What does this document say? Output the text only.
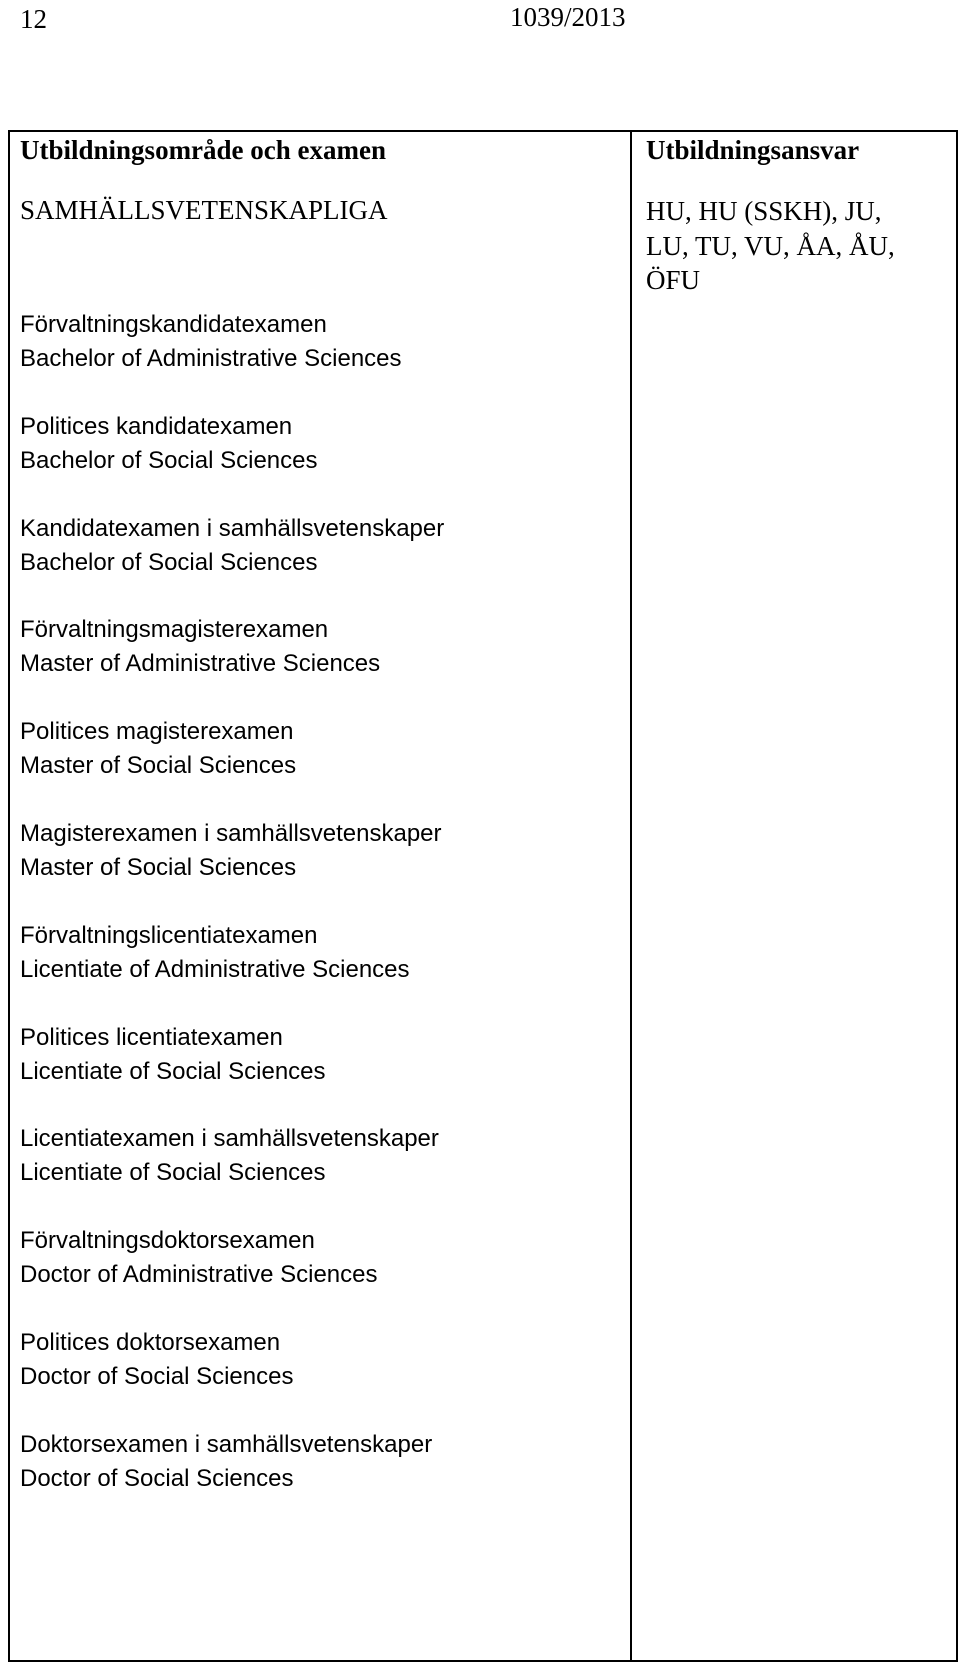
12	1039/2013
Utbildningsområde och examen
SAMHÄLLSVETENSKAPLIGA
Förvaltningskandidatexamen
Bachelor of Administrative Sciences
Politices kandidatexamen
Bachelor of Social Sciences
Kandidatexamen i samhällsvetenskaper
Bachelor of Social Sciences
Förvaltningsmagisterexamen
Master of Administrative Sciences
Politices magisterexamen
Master of Social Sciences
Magisterexamen i samhällsvetenskaper
Master of Social Sciences
Förvaltningslicentiatexamen
Licentiate of Administrative Sciences
Politices licentiatexamen
Licentiate of Social Sciences
Licentiatexamen i samhällsvetenskaper
Licentiate of Social Sciences
Förvaltningsdoktorsexamen
Doctor of Administrative Sciences
Politices doktorsexamen
Doctor of Social Sciences
Doktorsexamen i samhällsvetenskaper
Doctor of Social Sciences
Utbildningsansvar
HU, HU (SSKH), JU,
LU, TU, VU, ÅA, ÅU,
ÖFU
